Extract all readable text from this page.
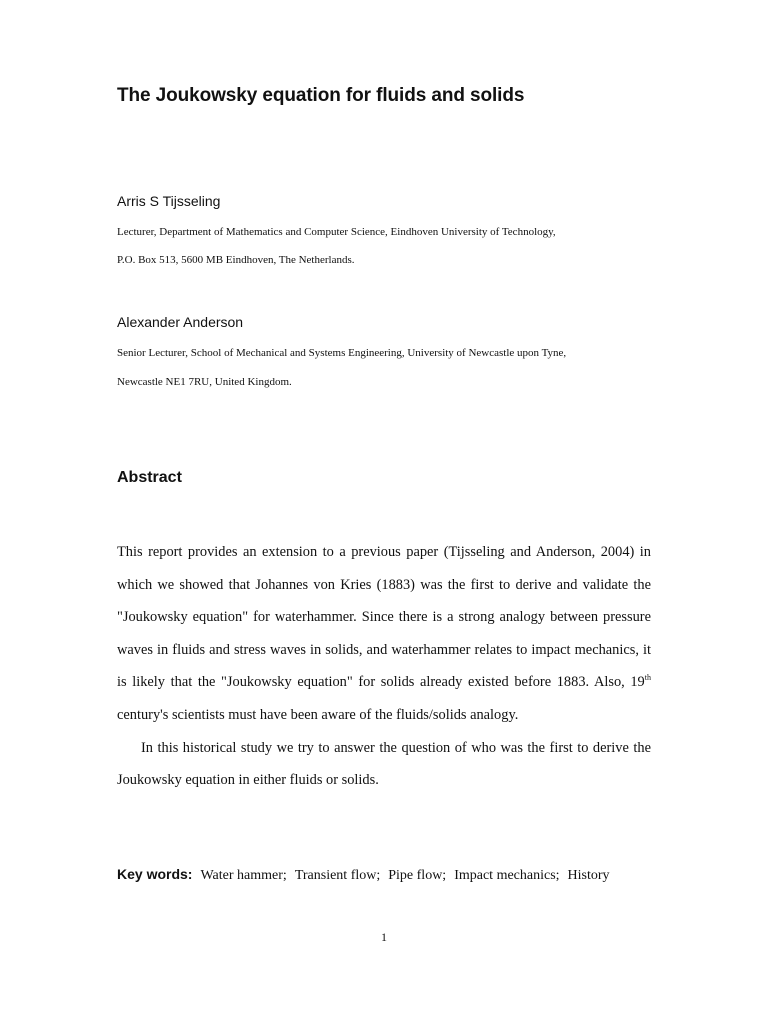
The Joukowsky equation for fluids and solids
Arris S Tijsseling
Lecturer, Department of Mathematics and Computer Science, Eindhoven University of Technology,
P.O. Box 513, 5600 MB Eindhoven, The Netherlands.
Alexander Anderson
Senior Lecturer, School of Mechanical and Systems Engineering, University of Newcastle upon Tyne,
Newcastle NE1 7RU, United Kingdom.
Abstract

This report provides an extension to a previous paper (Tijsseling and Anderson, 2004) in which we showed that Johannes von Kries (1883) was the first to derive and validate the "Joukowsky equation" for waterhammer. Since there is a strong analogy between pressure waves in fluids and stress waves in solids, and waterhammer relates to impact mechanics, it is likely that the "Joukowsky equation" for solids already existed before 1883. Also, 19th century's scientists must have been aware of the fluids/solids analogy.

In this historical study we try to answer the question of who was the first to derive the Joukowsky equation in either fluids or solids.

Key words: Water hammer; Transient flow; Pipe flow; Impact mechanics; History
1
